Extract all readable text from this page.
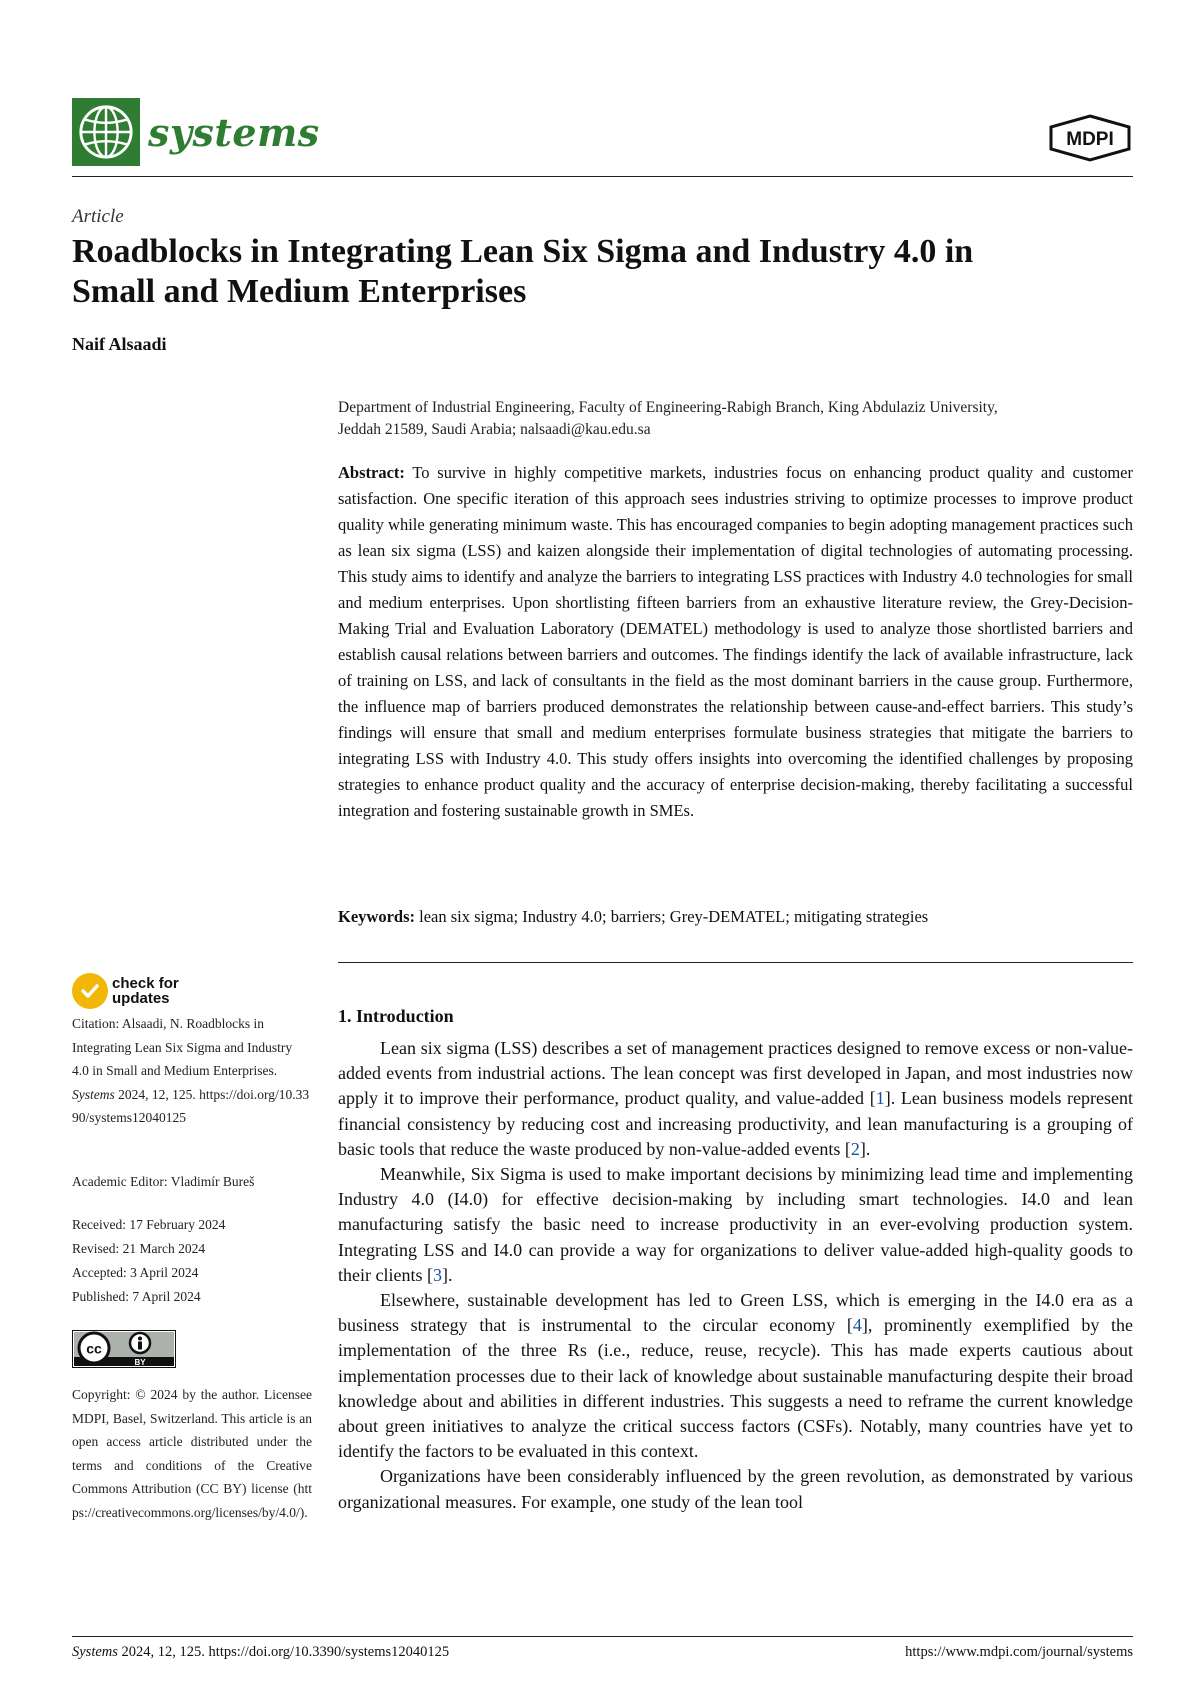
systems	MDPI
Article
Roadblocks in Integrating Lean Six Sigma and Industry 4.0 in
Small and Medium Enterprises
Naif Alsaadi

Department of Industrial Engineering, Faculty of Engineering-Rabigh Branch, King Abdulaziz University,
Jeddah 21589, Saudi Arabia; nalsaadi@kau.edu.sa

Abstract: To survive in highly competitive markets, industries focus on enhancing product quality and customer satisfaction. One specific iteration of this approach sees industries striving to optimize processes to improve product quality while generating minimum waste. This has encouraged companies to begin adopting management practices such as lean six sigma (LSS) and kaizen alongside their implementation of digital technologies of automating processing. This study aims to identify and analyze the barriers to integrating LSS practices with Industry 4.0 technologies for small and medium enterprises. Upon shortlisting fifteen barriers from an exhaustive literature review, the Grey-Decision-Making Trial and Evaluation Laboratory (DEMATEL) methodology is used to analyze those shortlisted barriers and establish causal relations between barriers and outcomes. The findings identify the lack of available infrastructure, lack of training on LSS, and lack of consultants in the field as the most dominant barriers in the cause group. Furthermore, the influence map of barriers produced demonstrates the relationship between cause-and-effect barriers. This study’s findings will ensure that small and medium enterprises formulate business strategies that mitigate the barriers to integrating LSS with Industry 4.0. This study offers insights into overcoming the identified challenges by proposing strategies to enhance product quality and the accuracy of enterprise decision-making, thereby facilitating a successful integration and fostering sustainable growth in SMEs.

Keywords: lean six sigma; Industry 4.0; barriers; Grey-DEMATEL; mitigating strategies

check for
updates

Citation: Alsaadi, N. Roadblocks in Integrating Lean Six Sigma and Industry 4.0 in Small and Medium Enterprises. Systems 2024, 12, 125. https://doi.org/10.3390/systems12040125

Academic Editor: Vladimír Bureš
Received: 17 February 2024
Revised: 21 March 2024
Accepted: 3 April 2024
Published: 7 April 2024
cc
BY

Copyright: © 2024 by the author. Licensee MDPI, Basel, Switzerland. This article is an open access article distributed under the terms and conditions of the Creative Commons Attribution (CC BY) license (https://creativecommons.org/licenses/by/4.0/).

1. Introduction

Lean six sigma (LSS) describes a set of management practices designed to remove excess or non-value-added events from industrial actions. The lean concept was first developed in Japan, and most industries now apply it to improve their performance, product quality, and value-added [1]. Lean business models represent financial consistency by reducing cost and increasing productivity, and lean manufacturing is a grouping of basic tools that reduce the waste produced by non-value-added events [2].

Meanwhile, Six Sigma is used to make important decisions by minimizing lead time and implementing Industry 4.0 (I4.0) for effective decision-making by including smart technologies. I4.0 and lean manufacturing satisfy the basic need to increase productivity in an ever-evolving production system. Integrating LSS and I4.0 can provide a way for organizations to deliver value-added high-quality goods to their clients [3].

Elsewhere, sustainable development has led to Green LSS, which is emerging in the I4.0 era as a business strategy that is instrumental to the circular economy [4], prominently exemplified by the implementation of the three Rs (i.e., reduce, reuse, recycle). This has made experts cautious about implementation processes due to their lack of knowledge about sustainable manufacturing despite their broad knowledge about and abilities in different industries. This suggests a need to reframe the current knowledge about green initiatives to analyze the critical success factors (CSFs). Notably, many countries have yet to identify the factors to be evaluated in this context.

Organizations have been considerably influenced by the green revolution, as demonstrated by various organizational measures. For example, one study of the lean tool

Systems 2024, 12, 125. https://doi.org/10.3390/systems12040125	https://www.mdpi.com/journal/systems
